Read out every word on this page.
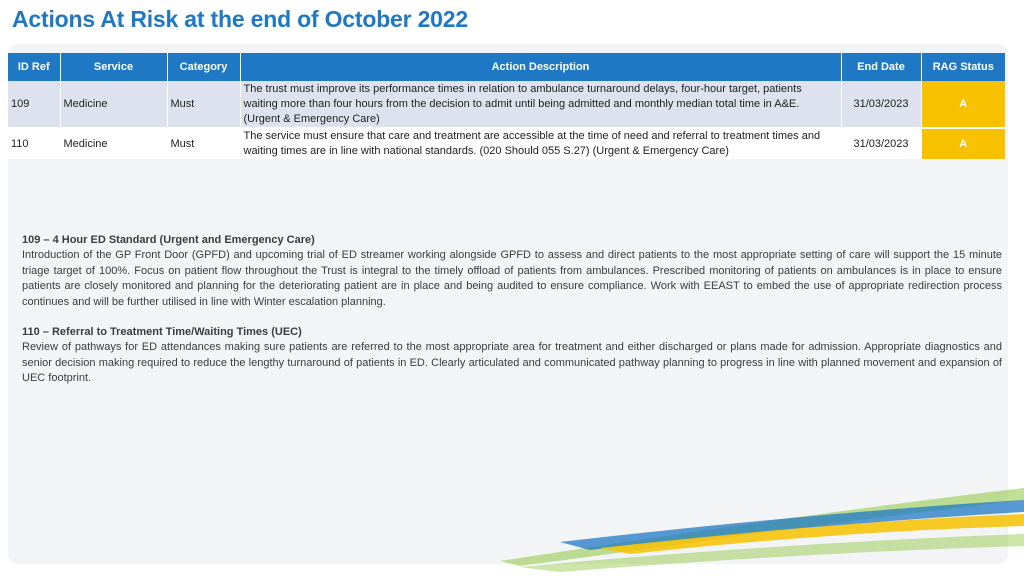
Actions At Risk at the end of October 2022
ID Ref	Service	Category	Action Description	End Date	RAG Status
109	Medicine	Must	The trust must improve its performance times in relation to ambulance turnaround delays, four-hour target, patients waiting more than four hours from the decision to admit until being admitted and monthly median total time in A&E. (Urgent & Emergency Care)	31/03/2023	A
110	Medicine	Must	The service must ensure that care and treatment are accessible at the time of need and referral to treatment times and waiting times are in line with national standards. (020 Should 055 S.27) (Urgent & Emergency Care)	31/03/2023	A
109 – 4 Hour ED Standard (Urgent and Emergency Care)
Introduction of the GP Front Door (GPFD) and upcoming trial of ED streamer working alongside GPFD to assess and direct patients to the most appropriate setting of care will support the 15 minute triage target of 100%. Focus on patient flow throughout the Trust is integral to the timely offload of patients from ambulances. Prescribed monitoring of patients on ambulances is in place to ensure patients are closely monitored and planning for the deteriorating patient are in place and being audited to ensure compliance. Work with EEAST to embed the use of appropriate redirection process continues and will be further utilised in line with Winter escalation planning.
110 – Referral to Treatment Time/Waiting Times (UEC)
Review of pathways for ED attendances making sure patients are referred to the most appropriate area for treatment and either discharged or plans made for admission. Appropriate diagnostics and senior decision making required to reduce the lengthy turnaround of patients in ED. Clearly articulated and communicated pathway planning to progress in line with planned movement and expansion of UEC footprint.
